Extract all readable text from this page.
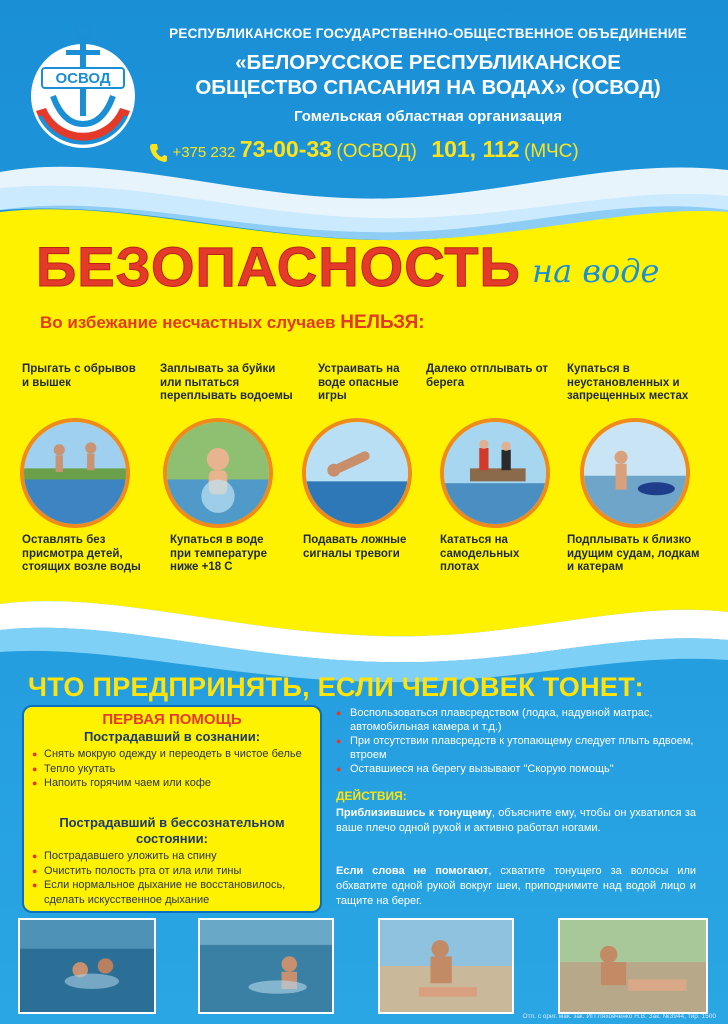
ОСВОД
РЕСПУБЛИКАНСКОЕ ГОСУДАРСТВЕННО-ОБЩЕСТВЕННОЕ ОБЪЕДИНЕНИЕ
«БЕЛОРУССКОЕ РЕСПУБЛИКАНСКОЕ
ОБЩЕСТВО СПАСАНИЯ НА ВОДАХ» (ОСВОД)
Гомельская областная организация
+375 232 73-00-33 (ОСВОД) 101, 112 (МЧС)
БЕЗОПАСНОСТЬ на воде
Во избежание несчастных случаев НЕЛЬЗЯ:
Прыгать с обрывов и вышек
Заплывать за буйки или пытаться переплывать водоемы
Устраивать на воде опасные игры
Далеко отплывать от берега
Купаться в неустановленных и запрещенных местах
Оставлять без присмотра детей, стоящих возле воды
Купаться в воде при температуре ниже +18 С
Подавать ложные сигналы тревоги
Кататься на самодельных плотах
Подплывать к близко идущим судам, лодкам и катерам
ЧТО ПРЕДПРИНЯТЬ, ЕСЛИ ЧЕЛОВЕК ТОНЕТ:
ПЕРВАЯ ПОМОЩЬ
Пострадавший в сознании:
● Снять мокрую одежду и переодеть в чистое белье
● Тепло укутать
● Напоить горячим чаем или кофе
Пострадавший в бессознательном состоянии:
● Пострадавшего уложить на спину
● Очистить полость рта от ила или тины
● Если нормальное дыхание не восстановилось, сделать искусственное дыхание
● Воспользоваться плавсредством (лодка, надувной матрас, автомобильная камера и т.д.)
● При отсутствии плавсредств к утопающему следует плыть вдвоем, втроем
● Оставшиеся на берегу вызывают "Скорую помощь"
ДЕЙСТВИЯ:
Приблизившись к тонущему, объясните ему, чтобы он ухватился за ваше плечо одной рукой и активно работал ногами.
Если слова не помогают, схватите тонущего за волосы или обхватите одной рукой вокруг шеи, приподнимите над водой лицо и тащите на берег.
Отп. с ориг. мак. зак. ИП Ляховченко Н.В. Зак. №3944, тир. 1500
